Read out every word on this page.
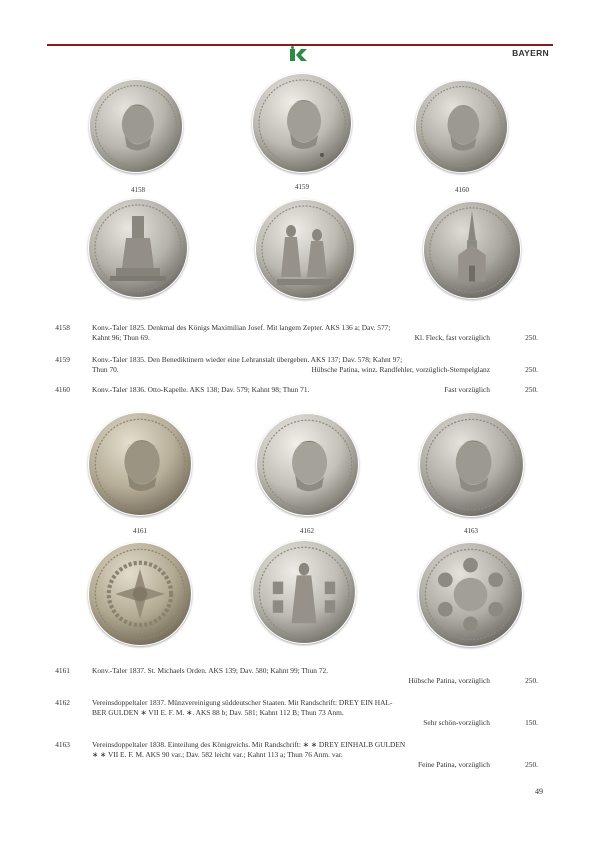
BAYERN
4158	4159	4160
4158	Konv.-Taler 1825. Denkmal des Königs Maximilian Josef. Mit langem Zepter. AKS 136 a; Dav. 577;
Kahnt 96; Thun 69.	Kl. Fleck, fast vorzüglich	250.
4159	Konv.-Taler 1835. Den Benediktinern wieder eine Lehranstalt übergeben. AKS 137; Dav. 578; Kahnt 97;
Thun 70.	Hübsche Patina, winz. Randfehler, vorzüglich-Stempelglanz	250.
4160	Konv.-Taler 1836. Otto-Kapelle. AKS 138; Dav. 579; Kahnt 98; Thun 71.	Fast vorzüglich	250.
4161	4162	4163
4161	Konv.-Taler 1837. St. Michaels Orden. AKS 139; Dav. 580; Kahnt 99; Thun 72.
Hübsche Patina, vorzüglich	250.
4162	Vereinsdoppeltaler 1837. Münzvereinigung süddeutscher Staaten. Mit Randschrift: DREY EIN HAL-
BER GULDEN ∗ VII E. F. M. ∗. AKS 88 b; Dav. 581; Kahnt 112 B; Thun 73 Anm.
Sehr schön-vorzüglich	150.
4163	Vereinsdoppeltaler 1838. Einteilung des Königreichs. Mit Randschrift: ∗ ∗ DREY EINHALB GULDEN
∗ ∗ VII E. F. M. AKS 90 var.; Dav. 582 leicht var.; Kahnt 113 a; Thun 76 Anm. var.
Feine Patina, vorzüglich	250.
49
